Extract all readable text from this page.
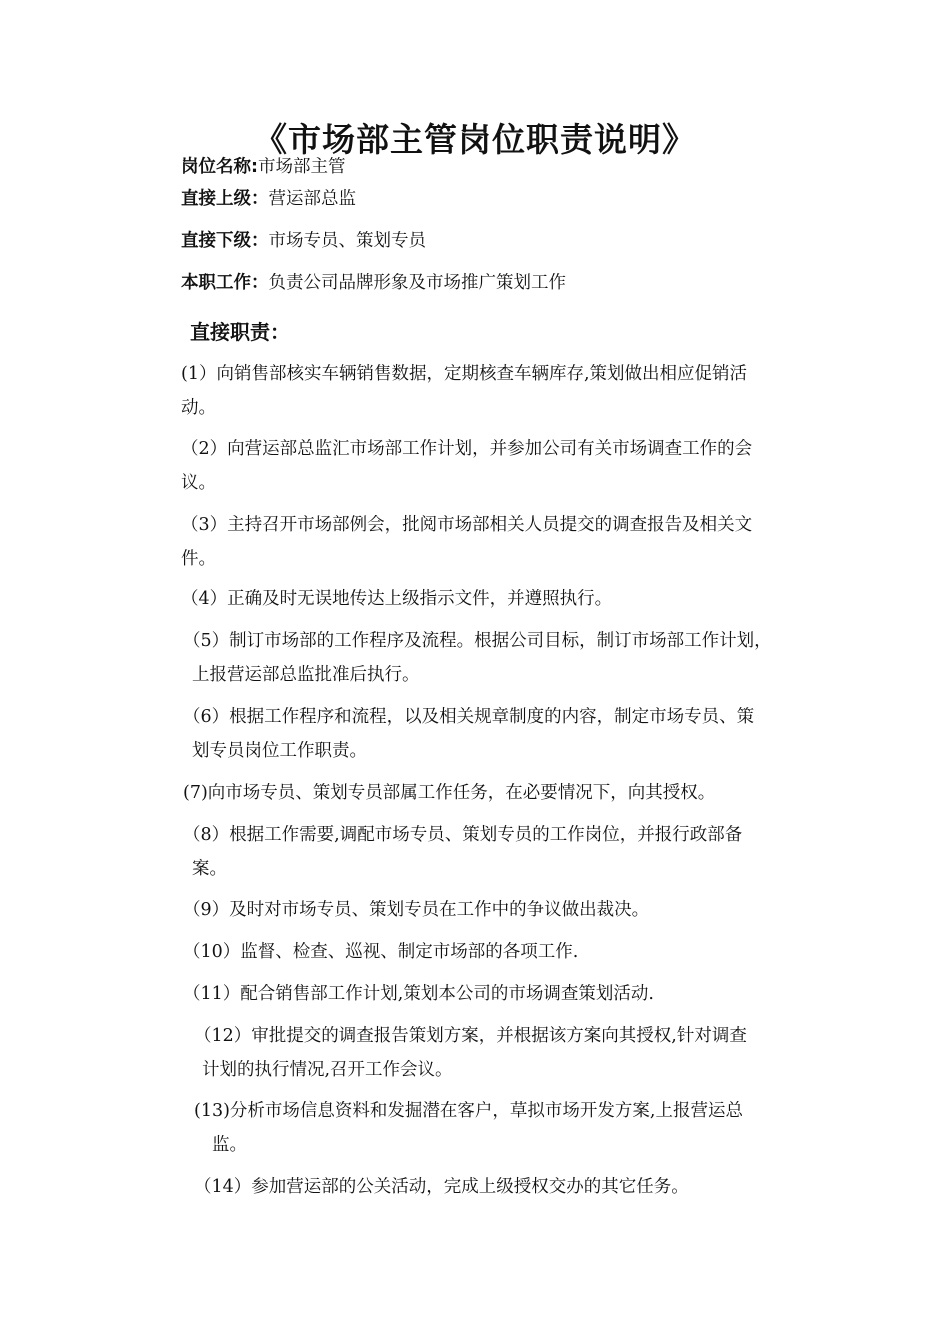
《市场部主管岗位职责说明》
岗位名称:市场部主管
直接上级：营运部总监
直接下级：市场专员、策划专员
本职工作：负责公司品牌形象及市场推广策划工作
直接职责：
(1）向销售部核实车辆销售数据，定期核查车辆库存,策划做出相应促销活
动。
（2）向营运部总监汇市场部工作计划，并参加公司有关市场调查工作的会
议。
（3）主持召开市场部例会，批阅市场部相关人员提交的调查报告及相关文
件。
（4）正确及时无误地传达上级指示文件，并遵照执行。
（5）制订市场部的工作程序及流程。根据公司目标，制订市场部工作计划，
上报营运部总监批准后执行。
（6）根据工作程序和流程，以及相关规章制度的内容，制定市场专员、策
划专员岗位工作职责。
(7)向市场专员、策划专员部属工作任务，在必要情况下，向其授权。
（8）根据工作需要,调配市场专员、策划专员的工作岗位，并报行政部备
案。
（9）及时对市场专员、策划专员在工作中的争议做出裁决。
（10）监督、检查、巡视、制定市场部的各项工作.
（11）配合销售部工作计划,策划本公司的市场调查策划活动.
（12）审批提交的调查报告策划方案，并根据该方案向其授权,针对调查
计划的执行情况,召开工作会议。
(13)分析市场信息资料和发掘潜在客户，草拟市场开发方案,上报营运总
监。
（14）参加营运部的公关活动，完成上级授权交办的其它任务。
